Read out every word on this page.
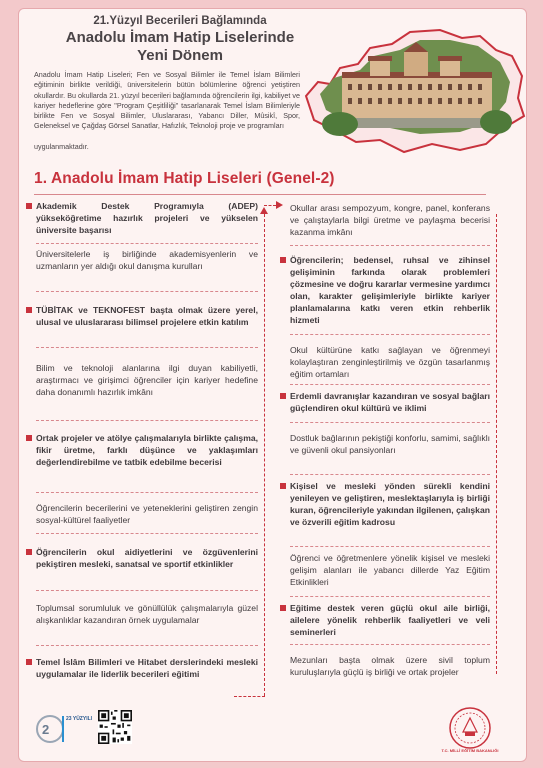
21.Yüzyıl Becerileri Bağlamında
Anadolu İmam Hatip Liselerinde
Yeni Dönem
Anadolu İmam Hatip Liseleri; Fen ve Sosyal Bilimler ile Temel İslam Bilimleri eğitiminin birlikte verildiği, üniversitelerin bütün bölümlerine öğrenci yetiştiren okullardır. Bu okullarda 21. yüzyıl becerileri bağlamında öğrencilerin ilgi, kabiliyet ve kariyer hedeflerine göre "Program Çeşitliliği" tasarlanarak Temel İslam Bilimleriyle birlikte Fen ve Sosyal Bilimler, Uluslararası, Yabancı Diller, Mûsikî, Spor, Geleneksel ve Çağdaş Görsel Sanatlar, Hafızlık, Teknoloji proje ve programları
uygulanmaktadır.
1. Anadolu İmam Hatip Liseleri (Genel-2)
Akademik Destek Programıyla (ADEP) yükseköğretime hazırlık projeleri ve yükselen üniversite başarısı
Üniversitelerle iş birliğinde akademisyenlerin ve uzmanların yer aldığı okul danışma kurulları
TÜBİTAK ve TEKNOFEST başta olmak üzere yerel, ulusal ve uluslararası bilimsel projelere etkin katılım
Bilim ve teknoloji alanlarına ilgi duyan kabiliyetli, araştırmacı ve girişimci öğrenciler için kariyer hedefine daha donanımlı hazırlık imkânı
Ortak projeler ve atölye çalışmalarıyla birlikte çalışma, fikir üretme, farklı düşünce ve yaklaşımları değerlendirebilme ve tatbik edebilme becerisi
Öğrencilerin becerilerini ve yeteneklerini geliştiren zengin sosyal-kültürel faaliyetler
Öğrencilerin okul aidiyetlerini ve özgüvenlerini pekiştiren mesleki, sanatsal ve sportif etkinlikler
Toplumsal sorumluluk ve gönüllülük çalışmalarıyla güzel alışkanlıklar kazandıran örnek uygulamalar
Temel İslâm Bilimleri ve Hitabet derslerindeki mesleki uygulamalar ile liderlik becerileri eğitimi
Okullar arası sempozyum, kongre, panel, konferans ve çalıştaylarla bilgi üretme ve paylaşma becerisi kazanma imkânı
Öğrencilerin; bedensel, ruhsal ve zihinsel gelişiminin farkında olarak problemleri çözmesine ve doğru kararlar vermesine yardımcı olan, karakter gelişimleriyle birlikte kariyer planlamalarına katkı veren etkin rehberlik hizmeti
Okul kültürüne katkı sağlayan ve öğrenmeyi kolaylaştıran zenginleştirilmiş ve özgün tasarlanmış eğitim ortamları
Erdemli davranışlar kazandıran ve sosyal bağları güçlendiren okul kültürü ve iklimi
Dostluk bağlarının pekiştiği konforlu, samimi, sağlıklı ve güvenli okul pansiyonları
Kişisel ve mesleki yönden sürekli kendini yenileyen ve geliştiren, meslektaşlarıyla iş birliği kuran, öğrencileriyle yakından ilgilenen, çalışkan ve özverili eğitim kadrosu
Öğrenci ve öğretmenlere yönelik kişisel ve mesleki gelişim alanları ile yabancı dillerde Yaz Eğitim Etkinlikleri
Eğitime destek veren güçlü okul aile birliği, ailelere yönelik rehberlik faaliyetleri ve veli seminerleri
Mezunları başta olmak üzere sivil toplum kuruluşlarıyla güçlü iş birliği ve ortak projeler
2
23 YÜZYILI
T.C. MİLLÎ EĞİTİM BAKANLIĞI
